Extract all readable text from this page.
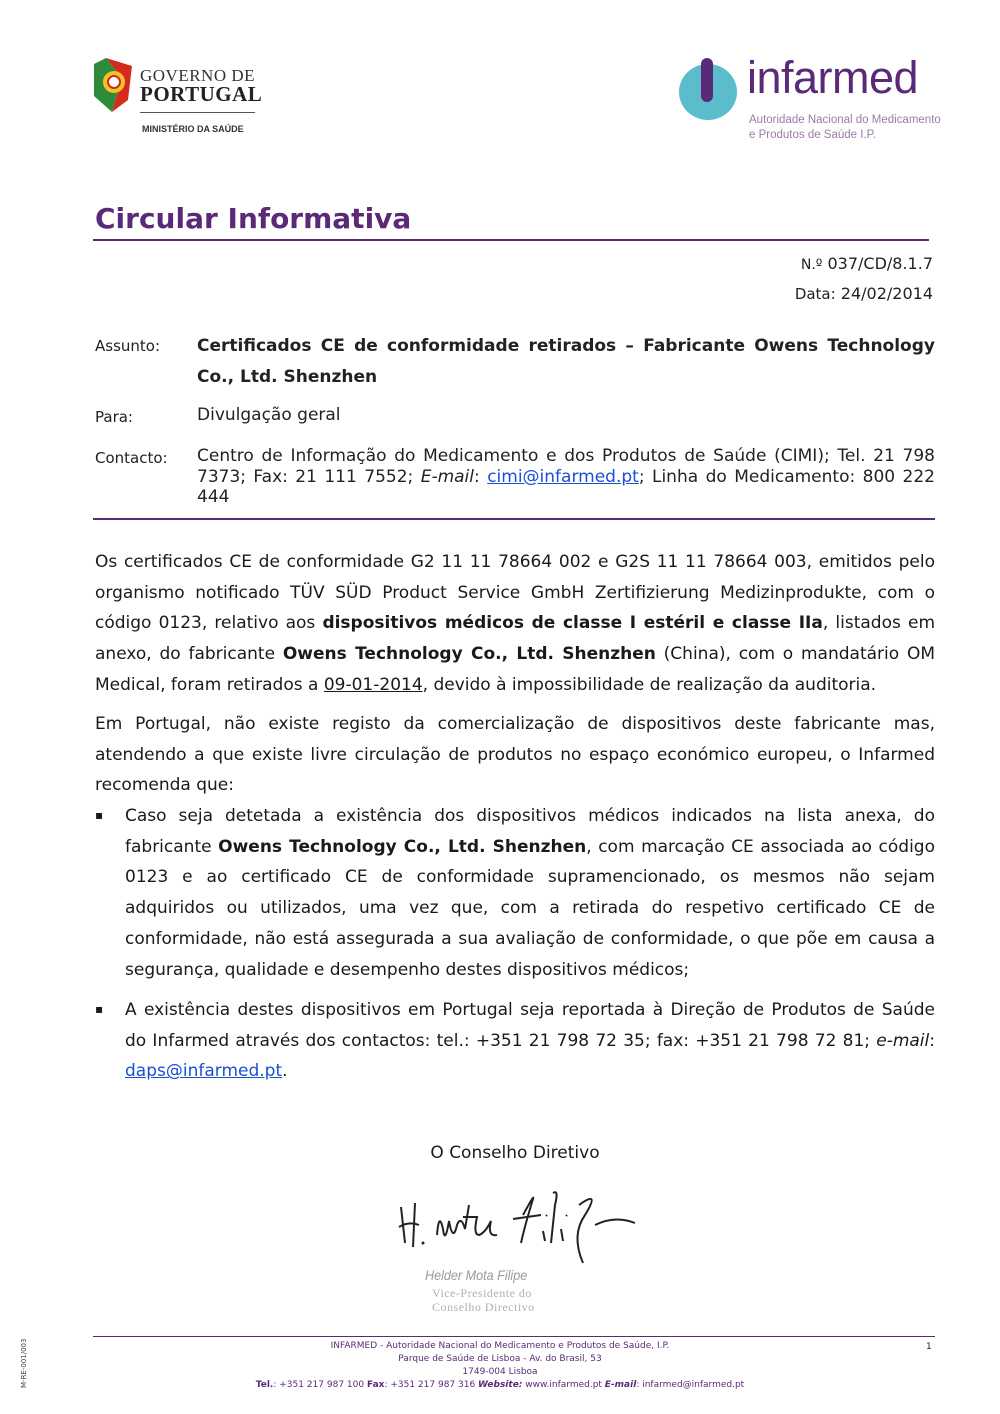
GOVERNO DE
PORTUGAL
MINISTÉRIO DA SAÚDE
infarmed
Autoridade Nacional do Medicamento
e Produtos de Saúde I.P.
Circular Informativa
N.º 037/CD/8.1.7
Data: 24/02/2014
Assunto: Certificados CE de conformidade retirados – Fabricante Owens Technology Co., Ltd. Shenzhen
Para:	Divulgação geral
Contacto: Centro de Informação do Medicamento e dos Produtos de Saúde (CIMI); Tel. 21 798 7373; Fax: 21 111 7552; E-mail: cimi@infarmed.pt; Linha do Medicamento: 800 222 444
Os certificados CE de conformidade G2 11 11 78664 002 e G2S 11 11 78664 003, emitidos pelo organismo notificado TÜV SÜD Product Service GmbH Zertifizierung Medizinprodukte, com o código 0123, relativo aos dispositivos médicos de classe I estéril e classe IIa, listados em anexo, do fabricante Owens Technology Co., Ltd. Shenzhen (China), com o mandatário OM Medical, foram retirados a 09-01-2014, devido à impossibilidade de realização da auditoria.
Em Portugal, não existe registo da comercialização de dispositivos deste fabricante mas, atendendo a que existe livre circulação de produtos no espaço económico europeu, o Infarmed recomenda que:
▪ Caso seja detetada a existência dos dispositivos médicos indicados na lista anexa, do fabricante Owens Technology Co., Ltd. Shenzhen, com marcação CE associada ao código 0123 e ao certificado CE de conformidade supramencionado, os mesmos não sejam adquiridos ou utilizados, uma vez que, com a retirada do respetivo certificado CE de conformidade, não está assegurada a sua avaliação de conformidade, o que põe em causa a segurança, qualidade e desempenho destes dispositivos médicos;
▪ A existência destes dispositivos em Portugal seja reportada à Direção de Produtos de Saúde do Infarmed através dos contactos: tel.: +351 21 798 72 35; fax: +351 21 798 72 81; e-mail: daps@infarmed.pt.
O Conselho Diretivo
Helder Mota Filipe
Vice-Presidente do
Conselho Directivo
INFARMED - Autoridade Nacional do Medicamento e Produtos de Saúde, I.P.
Parque de Saúde de Lisboa - Av. do Brasil, 53
1749-004 Lisboa
Tel.: +351 217 987 100 Fax: +351 217 987 316 Website: www.infarmed.pt E-mail: infarmed@infarmed.pt
1
M-RE-001/003
